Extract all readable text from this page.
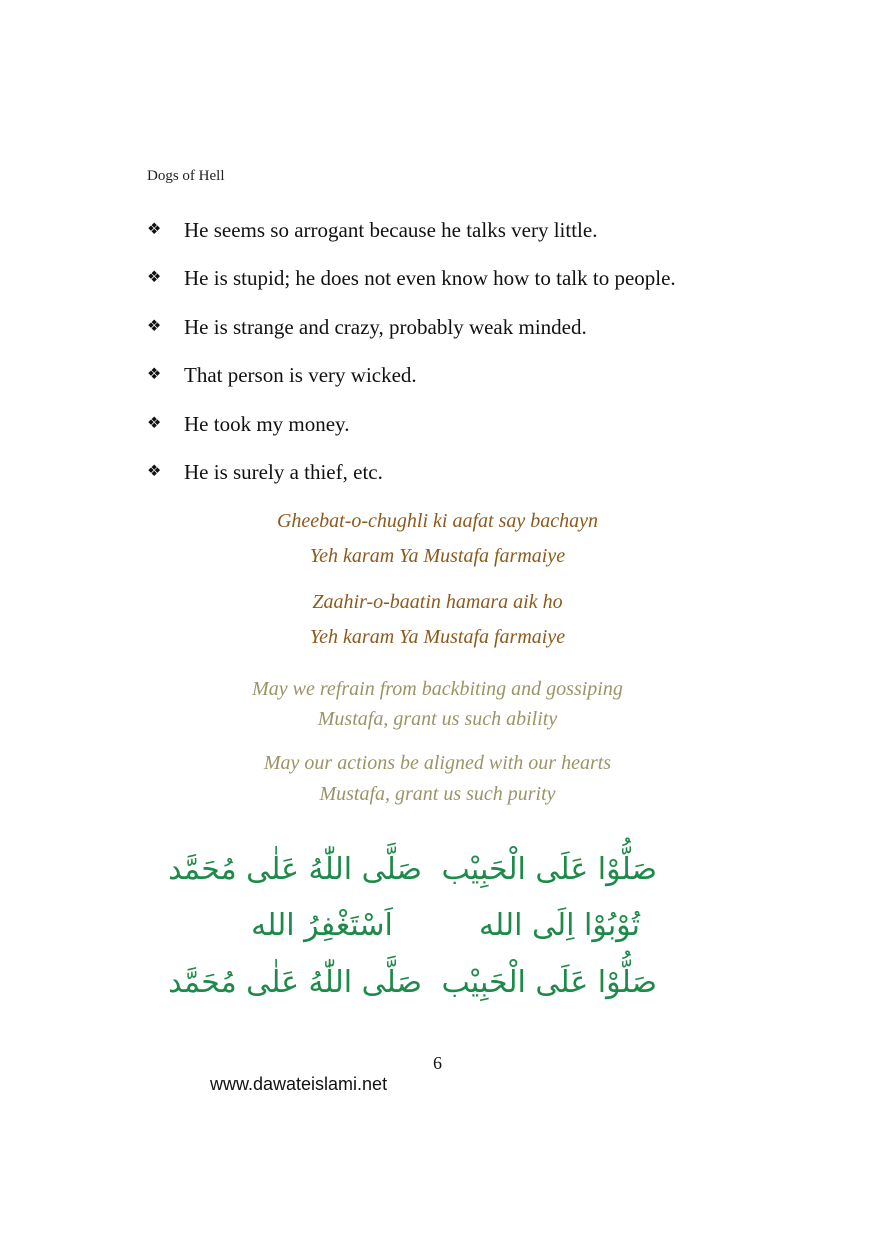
Dogs of Hell
❖ He seems so arrogant because he talks very little.
❖ He is stupid; he does not even know how to talk to people.
❖ He is strange and crazy, probably weak minded.
❖ That person is very wicked.
❖ He took my money.
❖ He is surely a thief, etc.
Gheebat-o-chughli ki aafat say bachayn
Yeh karam Ya Mustafa farmaiye
Zaahir-o-baatin hamara aik ho
Yeh karam Ya Mustafa farmaiye
May we refrain from backbiting and gossiping
Mustafa, grant us such ability
May our actions be aligned with our hearts
Mustafa, grant us such purity
صَلُّوْا عَلَى الْحَبِيْب
صَلَّى اللّٰهُ عَلٰى مُحَمَّد
تُوْبُوْا اِلَى الله
اَسْتَغْفِرُ الله
صَلُّوْا عَلَى الْحَبِيْب
صَلَّى اللّٰهُ عَلٰى مُحَمَّد
6
www.dawateislami.net
